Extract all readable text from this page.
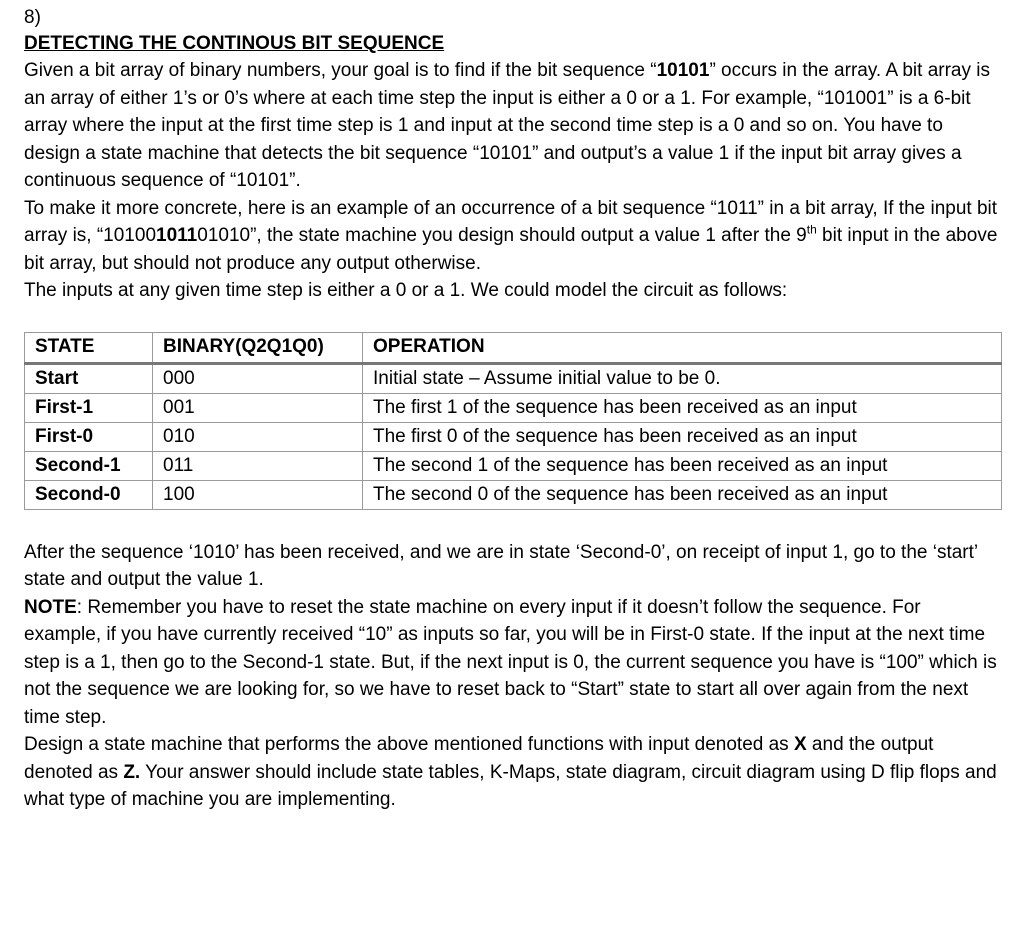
8)
DETECTING THE CONTINOUS BIT SEQUENCE

Given a bit array of binary numbers, your goal is to find if the bit sequence “10101” occurs in the array. A bit array is an array of either 1’s or 0’s where at each time step the input is either a 0 or a 1. For example, “101001” is a 6-bit array where the input at the first time step is 1 and input at the second time step is a 0 and so on. You have to design a state machine that detects the bit sequence “10101” and output’s a value 1 if the input bit array gives a continuous sequence of “10101”.

To make it more concrete, here is an example of an occurrence of a bit sequence “1011” in a bit array, If the input bit array is, “10100101101010”, the state machine you design should output a value 1 after the 9th bit input in the above bit array, but should not produce any output otherwise.

The inputs at any given time step is either a 0 or a 1. We could model the circuit as follows:

STATE	BINARY(Q2Q1Q0)	OPERATION
Start	000	Initial state – Assume initial value to be 0.
First-1	001	The first 1 of the sequence has been received as an input
First-0	010	The first 0 of the sequence has been received as an input
Second-1	011	The second 1 of the sequence has been received as an input
Second-0	100	The second 0 of the sequence has been received as an input

After the sequence ‘1010’ has been received, and we are in state ‘Second-0’, on receipt of input 1, go to the ‘start’ state and output the value 1.

NOTE: Remember you have to reset the state machine on every input if it doesn’t follow the sequence. For example, if you have currently received “10” as inputs so far, you will be in First-0 state. If the input at the next time step is a 1, then go to the Second-1 state. But, if the next input is 0, the current sequence you have is “100” which is not the sequence we are looking for, so we have to reset back to “Start” state to start all over again from the next time step.

Design a state machine that performs the above mentioned functions with input denoted as X and the output denoted as Z. Your answer should include state tables, K-Maps, state diagram, circuit diagram using D flip flops and what type of machine you are implementing.
